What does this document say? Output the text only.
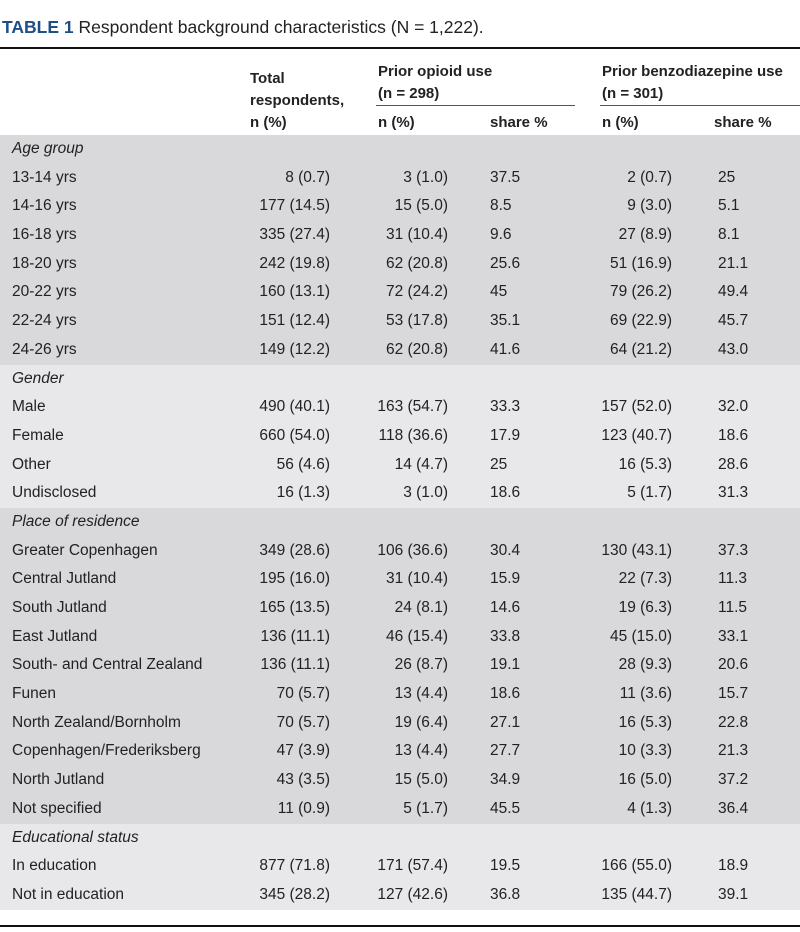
TABLE 1 Respondent background characteristics (N = 1,222).
Total
respondents,
n (%)
Prior opioid use
(n = 298)
Prior benzodiazepine use
(n = 301)
n (%)	share %	n (%)	share %
Age group
13-14 yrs	8 (0.7)	3 (1.0)	37.5	2 (0.7)	25
14-16 yrs	177 (14.5)	15 (5.0)	8.5	9 (3.0)	5.1
16-18 yrs	335 (27.4)	31 (10.4)	9.6	27 (8.9)	8.1
18-20 yrs	242 (19.8)	62 (20.8)	25.6	51 (16.9)	21.1
20-22 yrs	160 (13.1)	72 (24.2)	45	79 (26.2)	49.4
22-24 yrs	151 (12.4)	53 (17.8)	35.1	69 (22.9)	45.7
24-26 yrs	149 (12.2)	62 (20.8)	41.6	64 (21.2)	43.0
Gender
Male	490 (40.1)	163 (54.7)	33.3	157 (52.0)	32.0
Female	660 (54.0)	118 (36.6)	17.9	123 (40.7)	18.6
Other	56 (4.6)	14 (4.7)	25	16 (5.3)	28.6
Undisclosed	16 (1.3)	3 (1.0)	18.6	5 (1.7)	31.3
Place of residence
Greater Copenhagen	349 (28.6)	106 (36.6)	30.4	130 (43.1)	37.3
Central Jutland	195 (16.0)	31 (10.4)	15.9	22 (7.3)	11.3
South Jutland	165 (13.5)	24 (8.1)	14.6	19 (6.3)	11.5
East Jutland	136 (11.1)	46 (15.4)	33.8	45 (15.0)	33.1
South- and Central Zealand	136 (11.1)	26 (8.7)	19.1	28 (9.3)	20.6
Funen	70 (5.7)	13 (4.4)	18.6	11 (3.6)	15.7
North Zealand/Bornholm	70 (5.7)	19 (6.4)	27.1	16 (5.3)	22.8
Copenhagen/Frederiksberg	47 (3.9)	13 (4.4)	27.7	10 (3.3)	21.3
North Jutland	43 (3.5)	15 (5.0)	34.9	16 (5.0)	37.2
Not specified	11 (0.9)	5 (1.7)	45.5	4 (1.3)	36.4
Educational status
In education	877 (71.8)	171 (57.4)	19.5	166 (55.0)	18.9
Not in education	345 (28.2)	127 (42.6)	36.8	135 (44.7)	39.1
